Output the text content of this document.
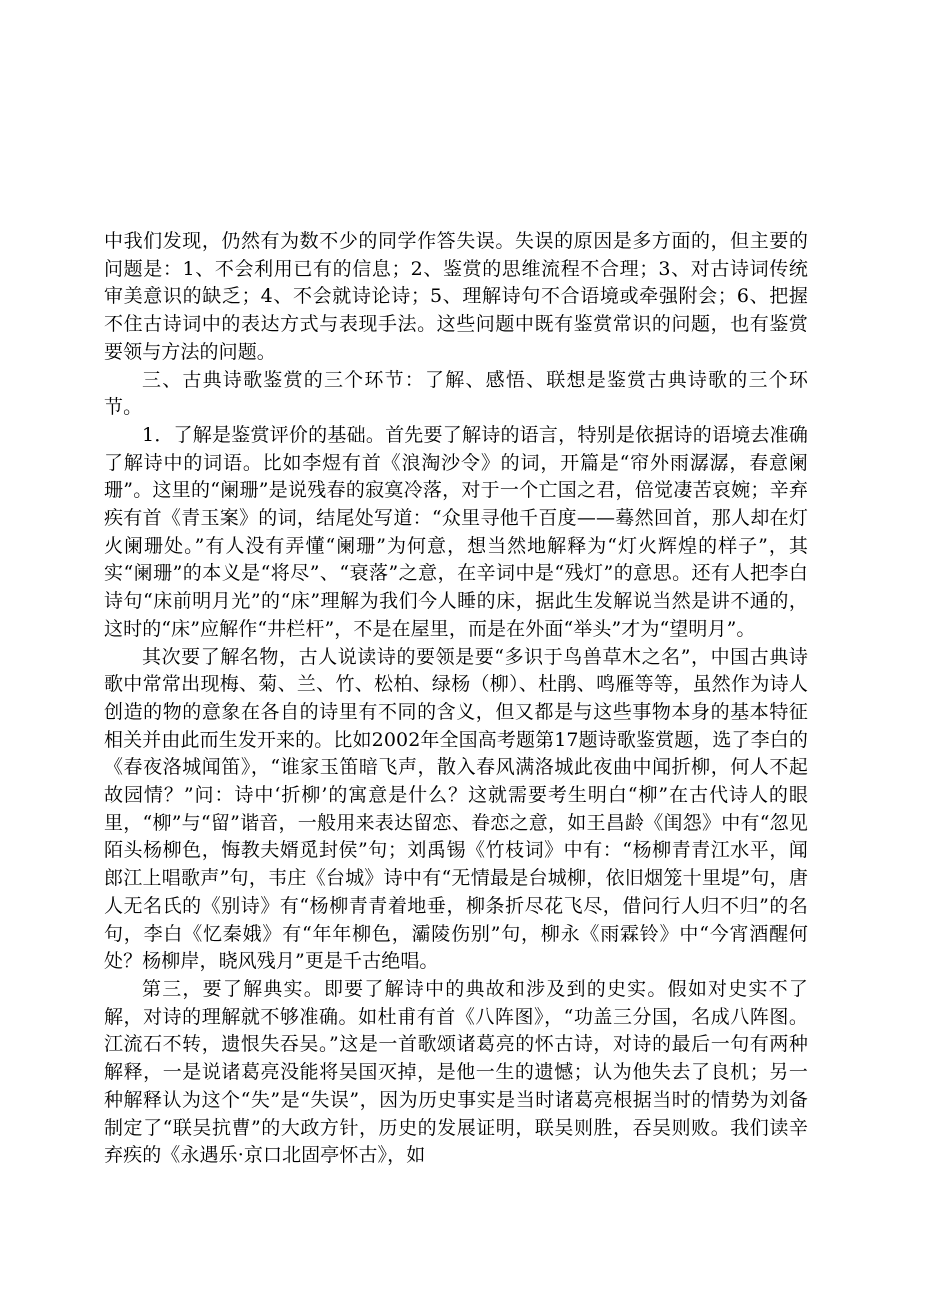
中我们发现，仍然有为数不少的同学作答失误。失误的原因是多方面的，但主要的问题是：1、不会利用已有的信息；2、鉴赏的思维流程不合理；3、对古诗词传统审美意识的缺乏；4、不会就诗论诗；5、理解诗句不合语境或牵强附会；6、把握不住古诗词中的表达方式与表现手法。这些问题中既有鉴赏常识的问题，也有鉴赏要领与方法的问题。

三、古典诗歌鉴赏的三个环节：了解、感悟、联想是鉴赏古典诗歌的三个环节。

1．了解是鉴赏评价的基础。首先要了解诗的语言，特别是依据诗的语境去准确了解诗中的词语。比如李煜有首《浪淘沙令》的词，开篇是“帘外雨潺潺，春意阑珊”。这里的“阑珊”是说残春的寂寞冷落，对于一个亡国之君，倍觉凄苦哀婉；辛弃疾有首《青玉案》的词，结尾处写道：“众里寻他千百度——蓦然回首，那人却在灯火阑珊处。”有人没有弄懂“阑珊”为何意，想当然地解释为“灯火辉煌的样子”，其实“阑珊”的本义是“将尽”、“衰落”之意，在辛词中是“残灯”的意思。还有人把李白诗句“床前明月光”的“床”理解为我们今人睡的床，据此生发解说当然是讲不通的，这时的“床”应解作“井栏杆”，不是在屋里，而是在外面“举头”才为“望明月”。

其次要了解名物，古人说读诗的要领是要“多识于鸟兽草木之名”，中国古典诗歌中常常出现梅、菊、兰、竹、松柏、绿杨（柳）、杜鹃、鸣雁等等，虽然作为诗人创造的物的意象在各自的诗里有不同的含义，但又都是与这些事物本身的基本特征相关并由此而生发开来的。比如2002年全国高考题第17题诗歌鉴赏题，选了李白的《春夜洛城闻笛》，“谁家玉笛暗飞声，散入春风满洛城此夜曲中闻折柳，何人不起故园情？”问：诗中‘折柳’的寓意是什么？这就需要考生明白“柳”在古代诗人的眼里，“柳”与“留”谐音，一般用来表达留恋、眷恋之意，如王昌龄《闺怨》中有“忽见陌头杨柳色，悔教夫婿觅封侯”句；刘禹锡《竹枝词》中有：“杨柳青青江水平，闻郎江上唱歌声”句，韦庄《台城》诗中有“无情最是台城柳，依旧烟笼十里堤”句，唐人无名氏的《别诗》有“杨柳青青着地垂，柳条折尽花飞尽，借问行人归不归”的名句，李白《忆秦娥》有“年年柳色，灞陵伤别”句，柳永《雨霖铃》中“今宵酒醒何处？杨柳岸，晓风残月”更是千古绝唱。

第三，要了解典实。即要了解诗中的典故和涉及到的史实。假如对史实不了解，对诗的理解就不够准确。如杜甫有首《八阵图》，“功盖三分国，名成八阵图。江流石不转，遗恨失吞吴。”这是一首歌颂诸葛亮的怀古诗，对诗的最后一句有两种解释，一是说诸葛亮没能将吴国灭掉，是他一生的遗憾；认为他失去了良机；另一种解释认为这个“失”是“失误”，因为历史事实是当时诸葛亮根据当时的情势为刘备制定了“联吴抗曹”的大政方针，历史的发展证明，联吴则胜，吞吴则败。我们读辛弃疾的《永遇乐·京口北固亭怀古》，如
